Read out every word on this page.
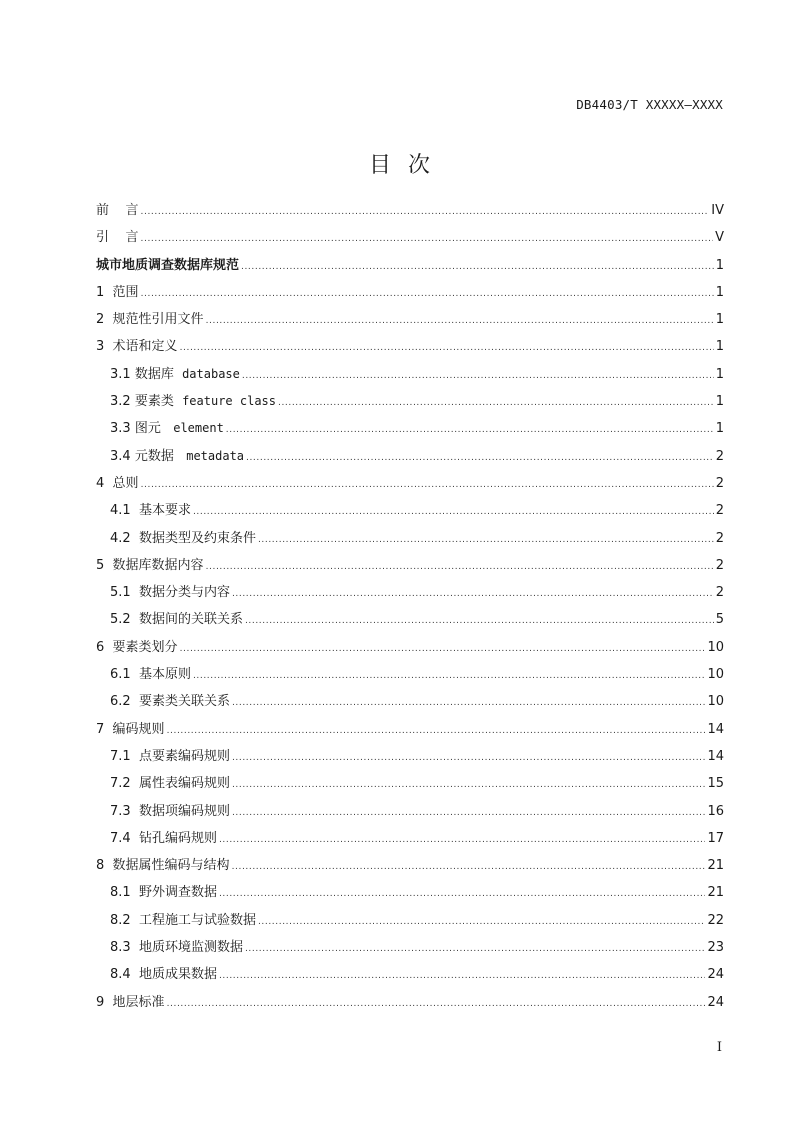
DB4403/T XXXXX—XXXX
目  次
前    言 .....	IV
引    言 .....	V
城市地质调查数据库规范 .....	1
1 范围 .....	1
2 规范性引用文件 .....	1
3 术语和定义 .....	1
3.1 数据库 database .....	1
3.2 要素类 feature class .....	1
3.3 图元 element .....	1
3.4 元数据 metadata .....	2
4 总则 .....	2
4.1 基本要求 .....	2
4.2 数据类型及约束条件 .....	2
5 数据库数据内容 .....	2
5.1 数据分类与内容 .....	2
5.2 数据间的关联关系 .....	5
6 要素类划分 .....	10
6.1 基本原则 .....	10
6.2 要素类关联关系 .....	10
7 编码规则 .....	14
7.1 点要素编码规则 .....	14
7.2 属性表编码规则 .....	15
7.3 数据项编码规则 .....	16
7.4 钻孔编码规则 .....	17
8 数据属性编码与结构 .....	21
8.1 野外调查数据 .....	21
8.2 工程施工与试验数据 .....	22
8.3 地质环境监测数据 .....	23
8.4 地质成果数据 .....	24
9 地层标准 .....	24
I
